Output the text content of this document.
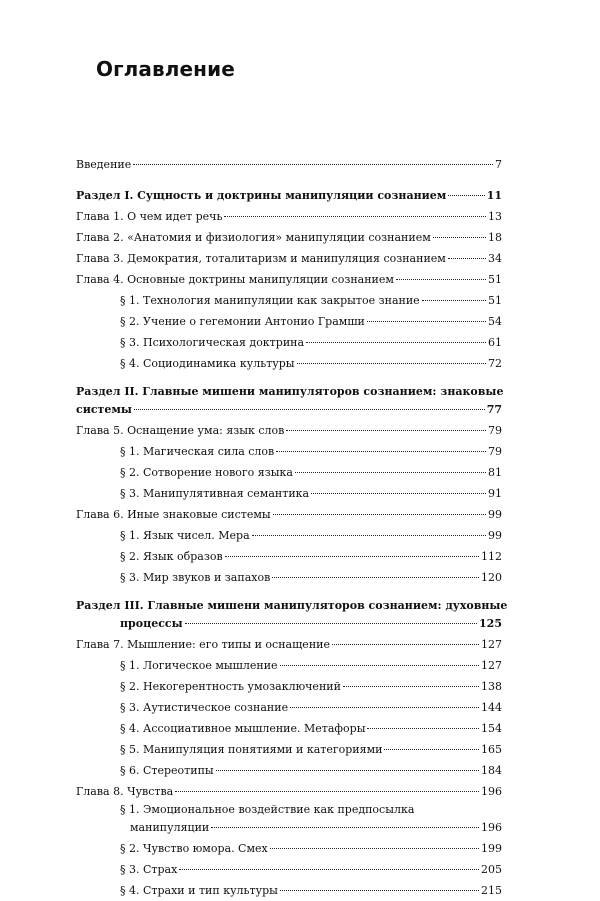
Оглавление
Введение	7
Раздел I. Сущность и доктрины манипуляции сознанием	11
Глава 1. О чем идет речь	13
Глава 2. «Анатомия и физиология» манипуляции сознанием	18
Глава 3. Демократия, тоталитаризм и манипуляция сознанием	34
Глава 4. Основные доктрины манипуляции сознанием	51
§ 1. Технология манипуляции как закрытое знание	51
§ 2. Учение о гегемонии Антонио Грамши	54
§ 3. Психологическая доктрина	61
§ 4. Социодинамика культуры	72
Раздел II. Главные мишени манипуляторов сознанием: знаковые
системы	77
Глава 5. Оснащение ума: язык слов	79
§ 1. Магическая сила слов	79
§ 2. Сотворение нового языка	81
§ 3. Манипулятивная семантика	91
Глава 6. Иные знаковые системы	99
§ 1. Язык чисел. Мера	99
§ 2. Язык образов	112
§ 3. Мир звуков и запахов	120
Раздел III. Главные мишени манипуляторов сознанием: духовные
процессы	125
Глава 7. Мышление: его типы и оснащение	127
§ 1. Логическое мышление	127
§ 2. Некогерентность умозаключений	138
§ 3. Аутистическое сознание	144
§ 4. Ассоциативное мышление. Метафоры	154
§ 5. Манипуляция понятиями и категориями	165
§ 6. Стереотипы	184
Глава 8. Чувства	196
§ 1. Эмоциональное воздействие как предпосылка
манипуляции	196
§ 2. Чувство юмора. Смех	199
§ 3. Страх	205
§ 4. Страхи и тип культуры	215
